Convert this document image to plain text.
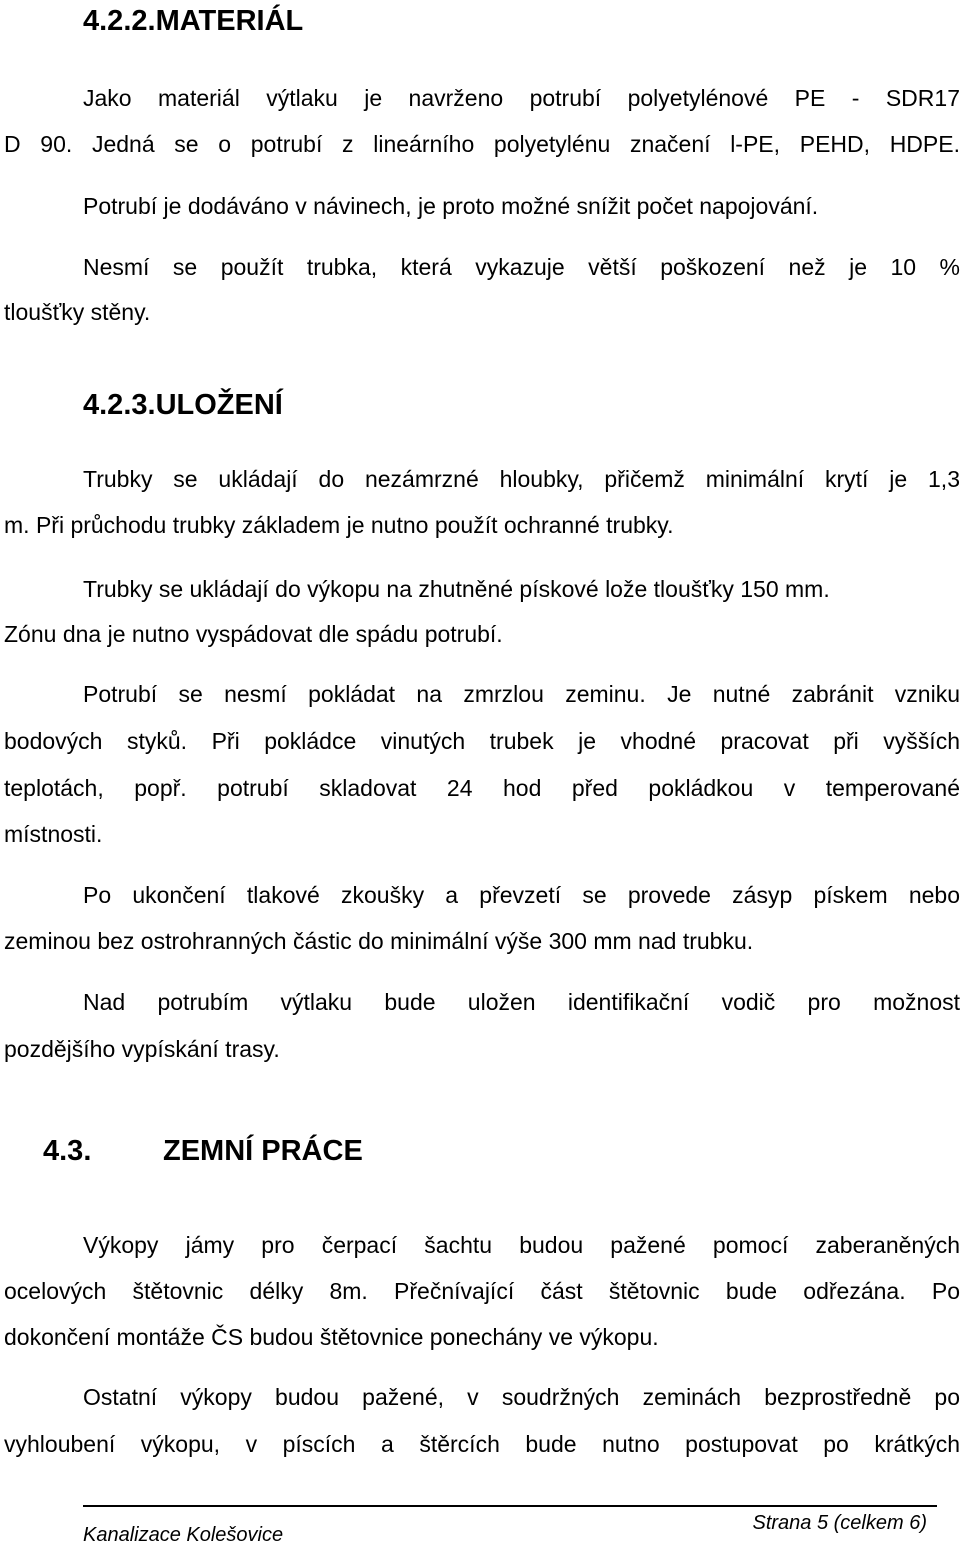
4.2.2.MATERIÁL

Jako materiál výtlaku je navrženo potrubí polyetylénové PE - SDR17

D 90. Jedná se o potrubí z lineárního polyetylénu značení l-PE, PEHD, HDPE.

Potrubí je dodáváno v návinech, je proto možné snížit počet napojování.

Nesmí se použít trubka, která vykazuje větší poškození než je 10 %

tloušťky stěny.

4.2.3.ULOŽENÍ

Trubky se ukládají do nezámrzné hloubky, přičemž minimální krytí je 1,3

m. Při průchodu trubky základem je nutno použít ochranné trubky.

Trubky se ukládají do výkopu na zhutněné pískové lože tloušťky 150 mm.

Zónu dna je nutno vyspádovat dle spádu potrubí.

Potrubí se nesmí pokládat na zmrzlou zeminu. Je nutné zabránit vzniku

bodových styků. Při pokládce vinutých trubek je vhodné pracovat při vyšších

teplotách, popř. potrubí skladovat 24 hod před pokládkou v temperované

místnosti.

Po ukončení tlakové zkoušky a převzetí se provede zásyp pískem nebo

zeminou bez ostrohranných částic do minimální výše 300 mm nad trubku.

Nad potrubím výtlaku bude uložen identifikační vodič pro možnost

pozdějšího vypískání trasy.

4.3. ZEMNÍ PRÁCE

Výkopy jámy pro čerpací šachtu budou pažené pomocí zaberaněných

ocelových štětovnic délky 8m. Přečnívající část štětovnic bude odřezána. Po

dokončení montáže ČS budou štětovnice ponechány ve výkopu.

Ostatní výkopy budou pažené, v soudržných zeminách bezprostředně po

vyhloubení výkopu, v píscích a štěrcích bude nutno postupovat po krátkých

Kanalizace Kolešovice
Strana 5 (celkem 6)
